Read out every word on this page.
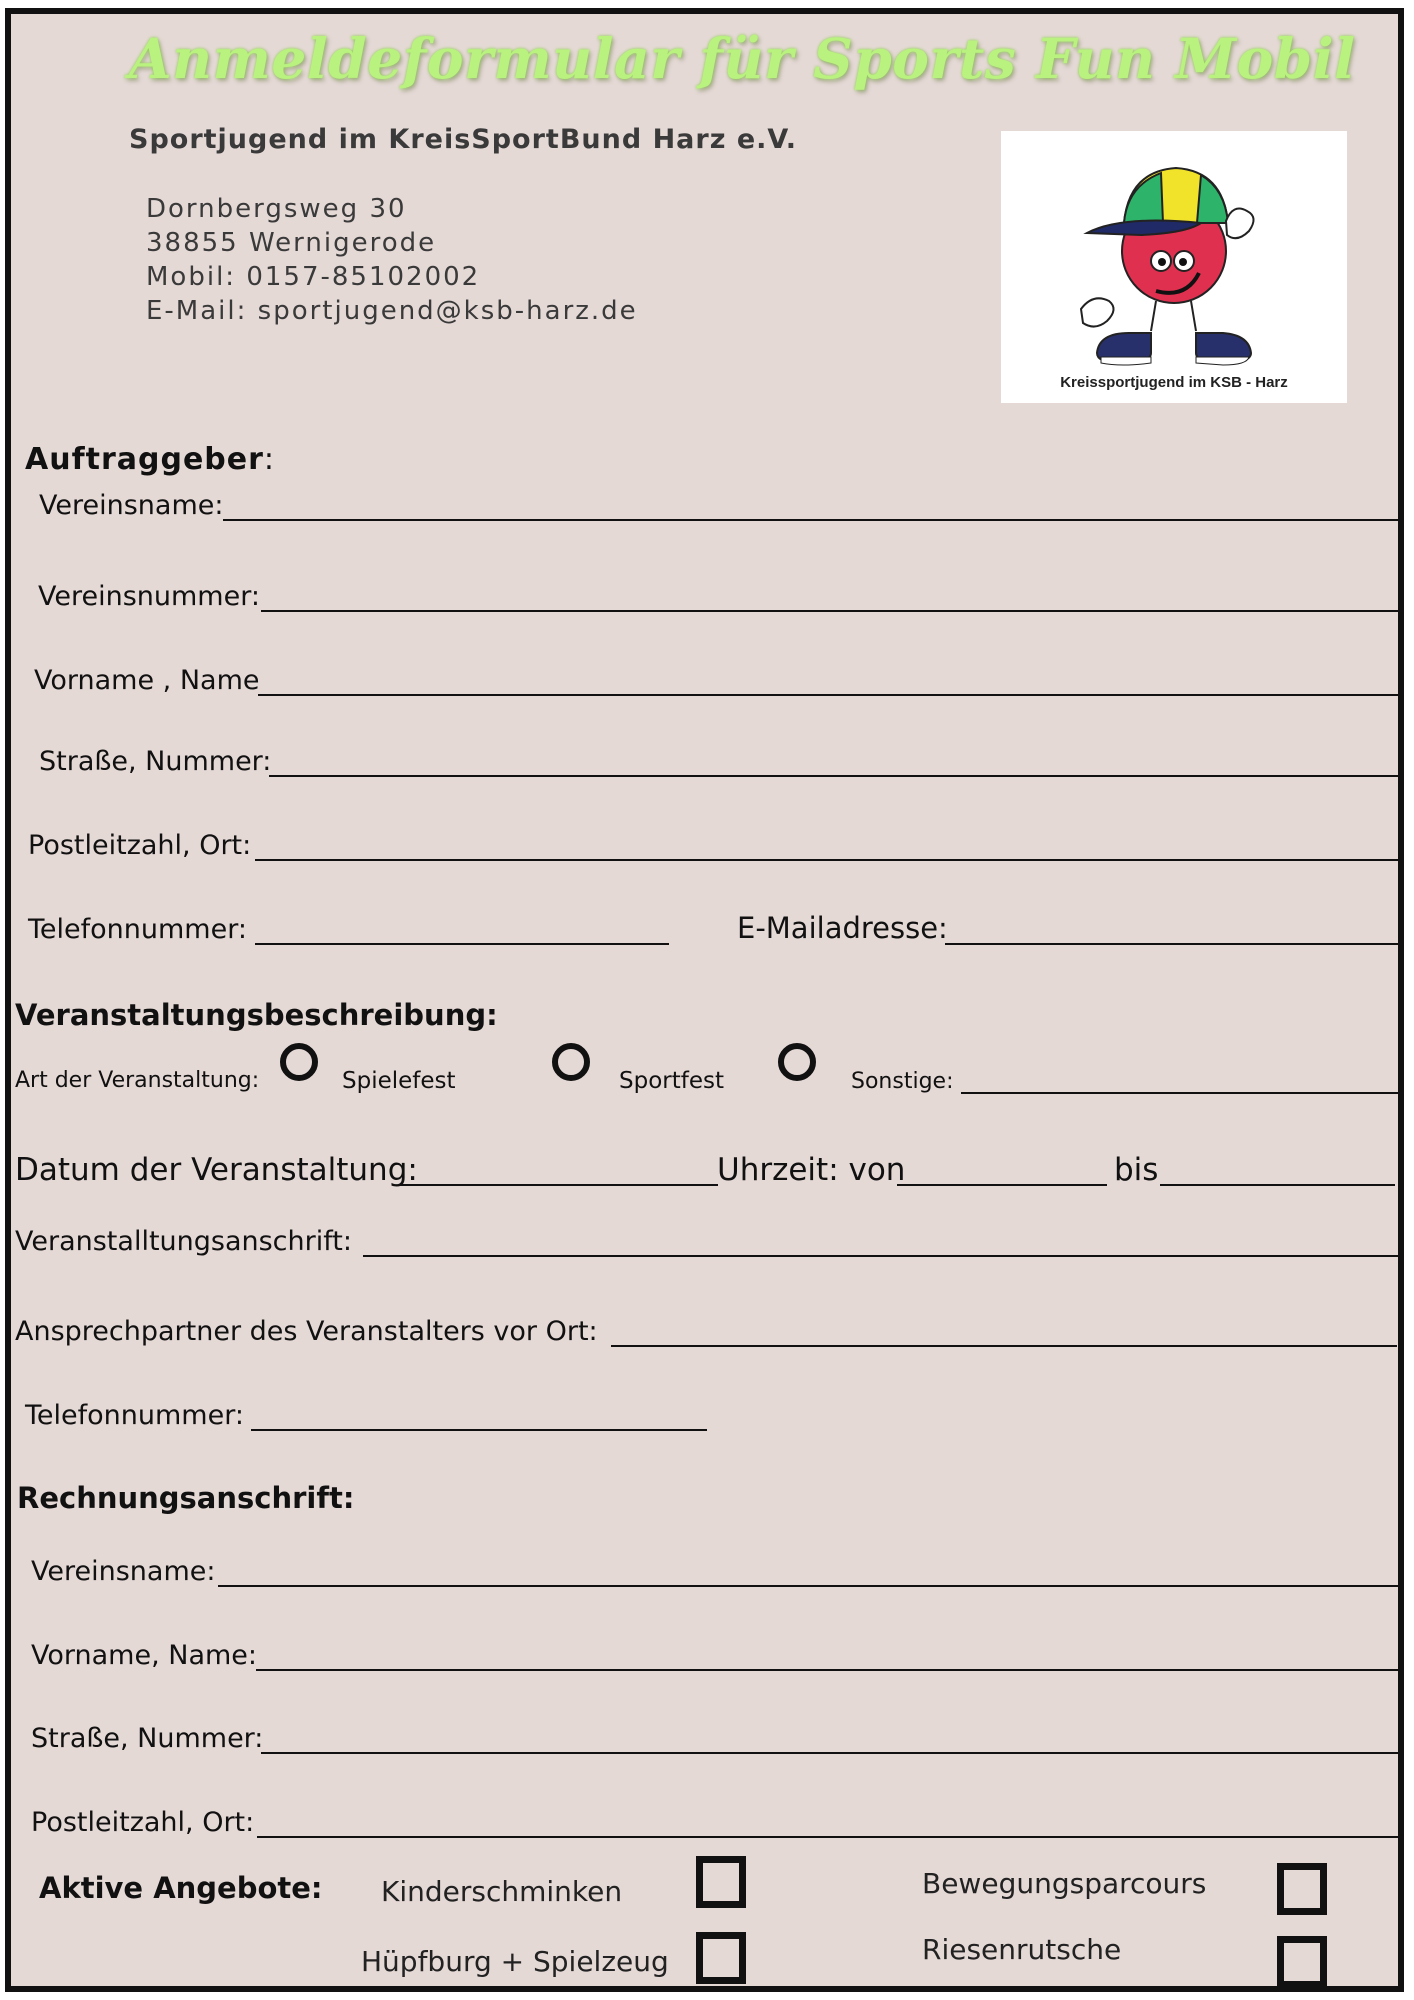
Anmeldeformular für Sports Fun Mobil
Sportjugend im KreisSportBund Harz e.V.
Dornbergsweg 30
38855 Wernigerode
Mobil: 0157-85102002
E-Mail: sportjugend@ksb-harz.de
Kreissportjugend im KSB - Harz
Auftraggeber:
Vereinsname:
Vereinsnummer:
Vorname , Name
Straße, Nummer:
Postleitzahl, Ort:
Telefonnummer:	E-Mailadresse:
Veranstaltungsbeschreibung:
Art der Veranstaltung:	Spielefest	Sportfest	Sonstige:
Datum der Veranstaltung:	Uhrzeit: von	bis
Veranstalltungsanschrift:
Ansprechpartner des Veranstalters vor Ort:
Telefonnummer:
Rechnungsanschrift:
Vereinsname:
Vorname, Name:
Straße, Nummer:
Postleitzahl, Ort:
Aktive Angebote: Kinderschminken	Bewegungsparcours
Hüpfburg + Spielzeug	Riesenrutsche
